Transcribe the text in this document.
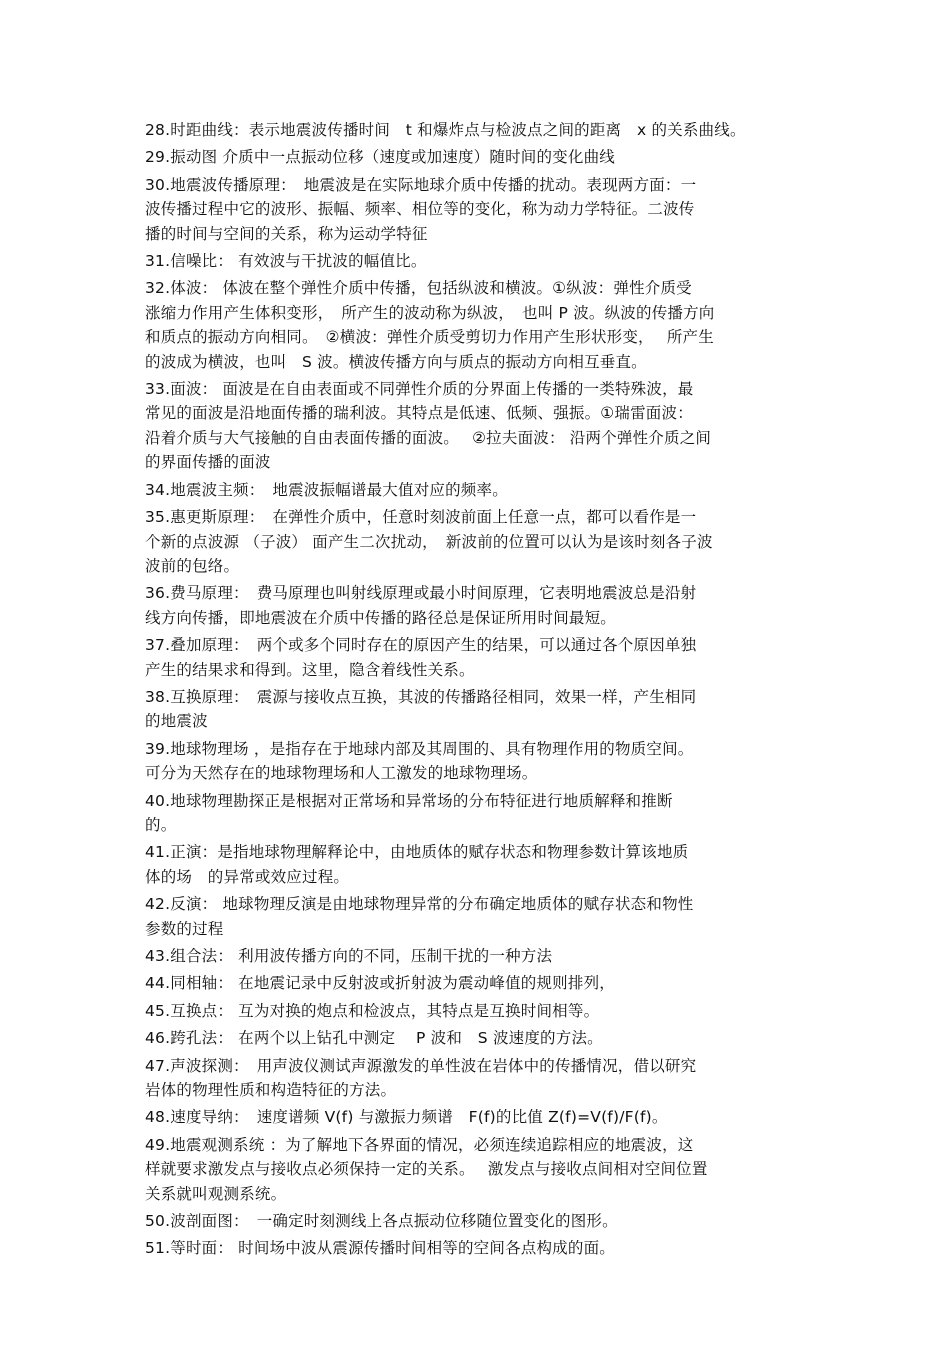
28.时距曲线：表示地震波传播时间　t 和爆炸点与检波点之间的距离　x 的关系曲线。
29.振动图 介质中一点振动位移（速度或加速度）随时间的变化曲线
30.地震波传播原理：　地震波是在实际地球介质中传播的扰动。表现两方面：一
波传播过程中它的波形、振幅、频率、相位等的变化，称为动力学特征。二波传
播的时间与空间的关系，称为运动学特征
31.信噪比： 有效波与干扰波的幅值比。
32.体波： 体波在整个弹性介质中传播，包括纵波和横波。①纵波：弹性介质受
涨缩力作用产生体积变形，　所产生的波动称为纵波，　也叫 P 波。纵波的传播方向
和质点的振动方向相同。　②横波：弹性介质受剪切力作用产生形状形变，　 所产生
的波成为横波，也叫　S 波。横波传播方向与质点的振动方向相互垂直。
33.面波： 面波是在自由表面或不同弹性介质的分界面上传播的一类特殊波，最
常见的面波是沿地面传播的瑞利波。其特点是低速、低频、强振。①瑞雷面波：
沿着介质与大气接触的自由表面传播的面波。　 ②拉夫面波： 沿两个弹性介质之间
的界面传播的面波
34.地震波主频：　地震波振幅谱最大值对应的频率。
35.惠更斯原理：　在弹性介质中，任意时刻波前面上任意一点，都可以看作是一
个新的点波源 （子波） 面产生二次扰动，　新波前的位置可以认为是该时刻各子波
波前的包络。
36.费马原理：　费马原理也叫射线原理或最小时间原理，它表明地震波总是沿射
线方向传播，即地震波在介质中传播的路径总是保证所用时间最短。
37.叠加原理：　两个或多个同时存在的原因产生的结果，可以通过各个原因单独
产生的结果求和得到。这里，隐含着线性关系。
38.互换原理：　震源与接收点互换，其波的传播路径相同，效果一样，产生相同
的地震波
39.地球物理场 ，是指存在于地球内部及其周围的、具有物理作用的物质空间。
可分为天然存在的地球物理场和人工激发的地球物理场。
40.地球物理勘探正是根据对正常场和异常场的分布特征进行地质解释和推断
的。
41.正演：是指地球物理解释论中，由地质体的赋存状态和物理参数计算该地质
体的场　的异常或效应过程。
42.反演： 地球物理反演是由地球物理异常的分布确定地质体的赋存状态和物性
参数的过程
43.组合法： 利用波传播方向的不同，压制干扰的一种方法
44.同相轴： 在地震记录中反射波或折射波为震动峰值的规则排列，
45.互换点： 互为对换的炮点和检波点，其特点是互换时间相等。
46.跨孔法： 在两个以上钻孔中测定　 P 波和　S 波速度的方法。
47.声波探测：　用声波仪测试声源激发的单性波在岩体中的传播情况，借以研究
岩体的物理性质和构造特征的方法。
48.速度导纳：　速度谱频 V(f) 与激振力频谱　F(f)的比值 Z(f)=V(f)/F(f)。
49.地震观测系统 ：为了解地下各界面的情况，必须连续追踪相应的地震波，这
样就要求激发点与接收点必须保持一定的关系。　 激发点与接收点间相对空间位置
关系就叫观测系统。
50.波剖面图：　一确定时刻测线上各点振动位移随位置变化的图形。
51.等时面： 时间场中波从震源传播时间相等的空间各点构成的面。
